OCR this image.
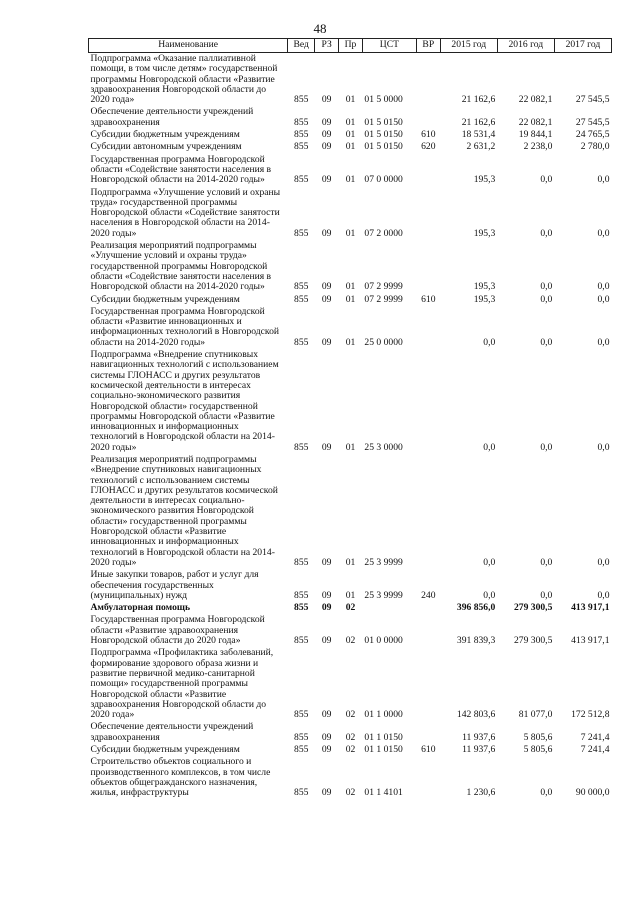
48
Наименование	Вед	РЗ	Пр	ЦСТ	ВР	2015 год	2016 год	2017 год
Подпрограмма «Оказание паллиативной помощи, в том числе детям» государственной программы Новгородской области «Развитие здравоохранения Новгородской области до 2020 года»	855	09	01	01 5 0000		21 162,6	22 082,1	27 545,5
Обеспечение деятельности учреждений здравоохранения	855	09	01	01 5 0150		21 162,6	22 082,1	27 545,5
Субсидии бюджетным учреждениям	855	09	01	01 5 0150	610	18 531,4	19 844,1	24 765,5
Субсидии автономным учреждениям	855	09	01	01 5 0150	620	2 631,2	2 238,0	2 780,0
Государственная программа Новгородской области «Содействие занятости населения в Новгородской области на 2014-2020 годы»	855	09	01	07 0 0000		195,3	0,0	0,0
Подпрограмма «Улучшение условий и охраны труда» государственной программы Новгородской области «Содействие занятости населения в Новгородской области на 2014-2020 годы»	855	09	01	07 2 0000		195,3	0,0	0,0
Реализация мероприятий подпрограммы «Улучшение условий и охраны труда» государственной программы Новгородской области «Содействие занятости населения в Новгородской области на 2014-2020 годы»	855	09	01	07 2 9999		195,3	0,0	0,0
Субсидии бюджетным учреждениям	855	09	01	07 2 9999	610	195,3	0,0	0,0
Государственная программа Новгородской области «Развитие инновационных и информационных технологий в Новгородской области на 2014-2020 годы»	855	09	01	25 0 0000		0,0	0,0	0,0
Подпрограмма «Внедрение спутниковых навигационных технологий с использованием системы ГЛОНАСС и других результатов космической деятельности в интересах социально-экономического развития Новгородской области» государственной программы Новгородской области «Развитие инновационных и информационных технологий в Новгородской области на 2014-2020 годы»	855	09	01	25 3 0000		0,0	0,0	0,0
Реализация мероприятий подпрограммы «Внедрение спутниковых навигационных технологий с использованием системы ГЛОНАСС и других результатов космической деятельности в интересах социально-экономического развития Новгородской области» государственной программы Новгородской области «Развитие инновационных и информационных технологий в Новгородской области на 2014-2020 годы»	855	09	01	25 3 9999		0,0	0,0	0,0
Иные закупки товаров, работ и услуг для обеспечения государственных (муниципальных) нужд	855	09	01	25 3 9999	240	0,0	0,0	0,0
Амбулаторная помощь	855	09	02			396 856,0	279 300,5	413 917,1
Государственная программа Новгородской области «Развитие здравоохранения Новгородской области до 2020 года»	855	09	02	01 0 0000		391 839,3	279 300,5	413 917,1
Подпрограмма «Профилактика заболеваний, формирование здорового образа жизни и развитие первичной медико-санитарной помощи» государственной программы Новгородской области «Развитие здравоохранения Новгородской области до 2020 года»	855	09	02	01 1 0000		142 803,6	81 077,0	172 512,8
Обеспечение деятельности учреждений здравоохранения	855	09	02	01 1 0150		11 937,6	5 805,6	7 241,4
Субсидии бюджетным учреждениям	855	09	02	01 1 0150	610	11 937,6	5 805,6	7 241,4
Строительство объектов социального и производственного комплексов, в том числе объектов общегражданского назначения, жилья, инфраструктуры	855	09	02	01 1 4101		1 230,6	0,0	90 000,0
